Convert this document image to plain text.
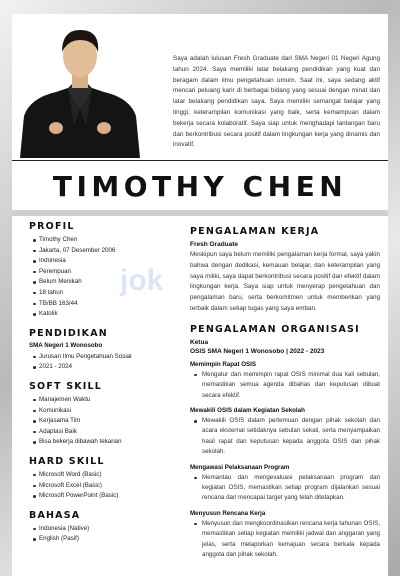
Saya adalah lulusan Fresh Graduate dari SMA Negeri 01 Negeri Agung tahun 2024. Saya memiliki latar belakang pendidikan yang kuat dan beragam dalam ilmu pengetahuan umum. Saat ini, saya sedang aktif mencari peluang karir di berbagai bidang yang sesuai dengan minat dan latar belakang pendidikan saya. Saya memiliki semangat belajar yang tinggi, keterampilan komunikasi yang baik, serta kemampuan dalam bekerja secara kolaboratif. Saya siap untuk menghadapi tantangan baru dan berkontribusi secara positif dalam lingkungan kerja yang dinamis dan inovatif.
TIMOTHY CHEN
jok
PROFIL
Timothy Chen
Jakarta, 07 Desember 2006
Indonesia
Perempuan
Belum Menikah
18 tahun
TB/BB 163/44
Katolik
PENDIDIKAN
SMA Negeri 1 Wonosobo
Jurusan Ilmu Pengetahuan Sosial
2021 - 2024
SOFT SKILL
Manajemen Waktu
Komunikasi
Kerjasama Tim
Adaptasi Baik
Bisa bekerja dibawah tekanan
HARD SKILL
Microsoft Word (Basic)
Microsoft Excel (Basic)
Microsoft PowerPoint (Basic)
BAHASA
Indonesia (Native)
English (Pasif)
PENGALAMAN KERJA
Fresh Graduate

Meskipun saya belum memiliki pengalaman kerja formal, saya yakin bahwa dengan dedikasi, kemauan belajar, dan keterampilan yang saya miliki, saya dapat berkontribusi secara positif dan efektif dalam lingkungan kerja. Saya siap untuk menyerap pengetahuan dan pengalaman baru, serta berkomitmen untuk memberikan yang terbaik dalam setiap tugas yang saya emban.

PENGALAMAN ORGANISASI
Ketua
OSIS SMA Negeri 1 Wonosobo | 2022 - 2023
Memimpin Rapat OSIS
Mengatur dan memimpin rapat OSIS minimal dua kali sebulan, memastikan semua agenda dibahas dan keputusan dibuat secara efektif.
Mewakili OSIS dalam Kegiatan Sekolah
Mewakili OSIS dalam pertemuan dengan pihak sekolah dan acara eksternal setidaknya sebulan sekali, serta menyampaikan hasil rapat dan keputusan kepada anggota OSIS dan pihak sekolah.
Mengawasi Pelaksanaan Program
Memantau dan mengevaluasi pelaksanaan program dan kegiatan OSIS, memastikan setiap program dijalankan sesuai rencana dan mencapai target yang telah ditetapkan.
Menyusun Rencana Kerja
Menyusun dan mengkoordinasikan rencana kerja tahunan OSIS, memastikan setiap kegiatan memiliki jadwal dan anggaran yang jelas, serta melaporkan kemajuan secara berkala kepada anggota dan pihak sekolah.
